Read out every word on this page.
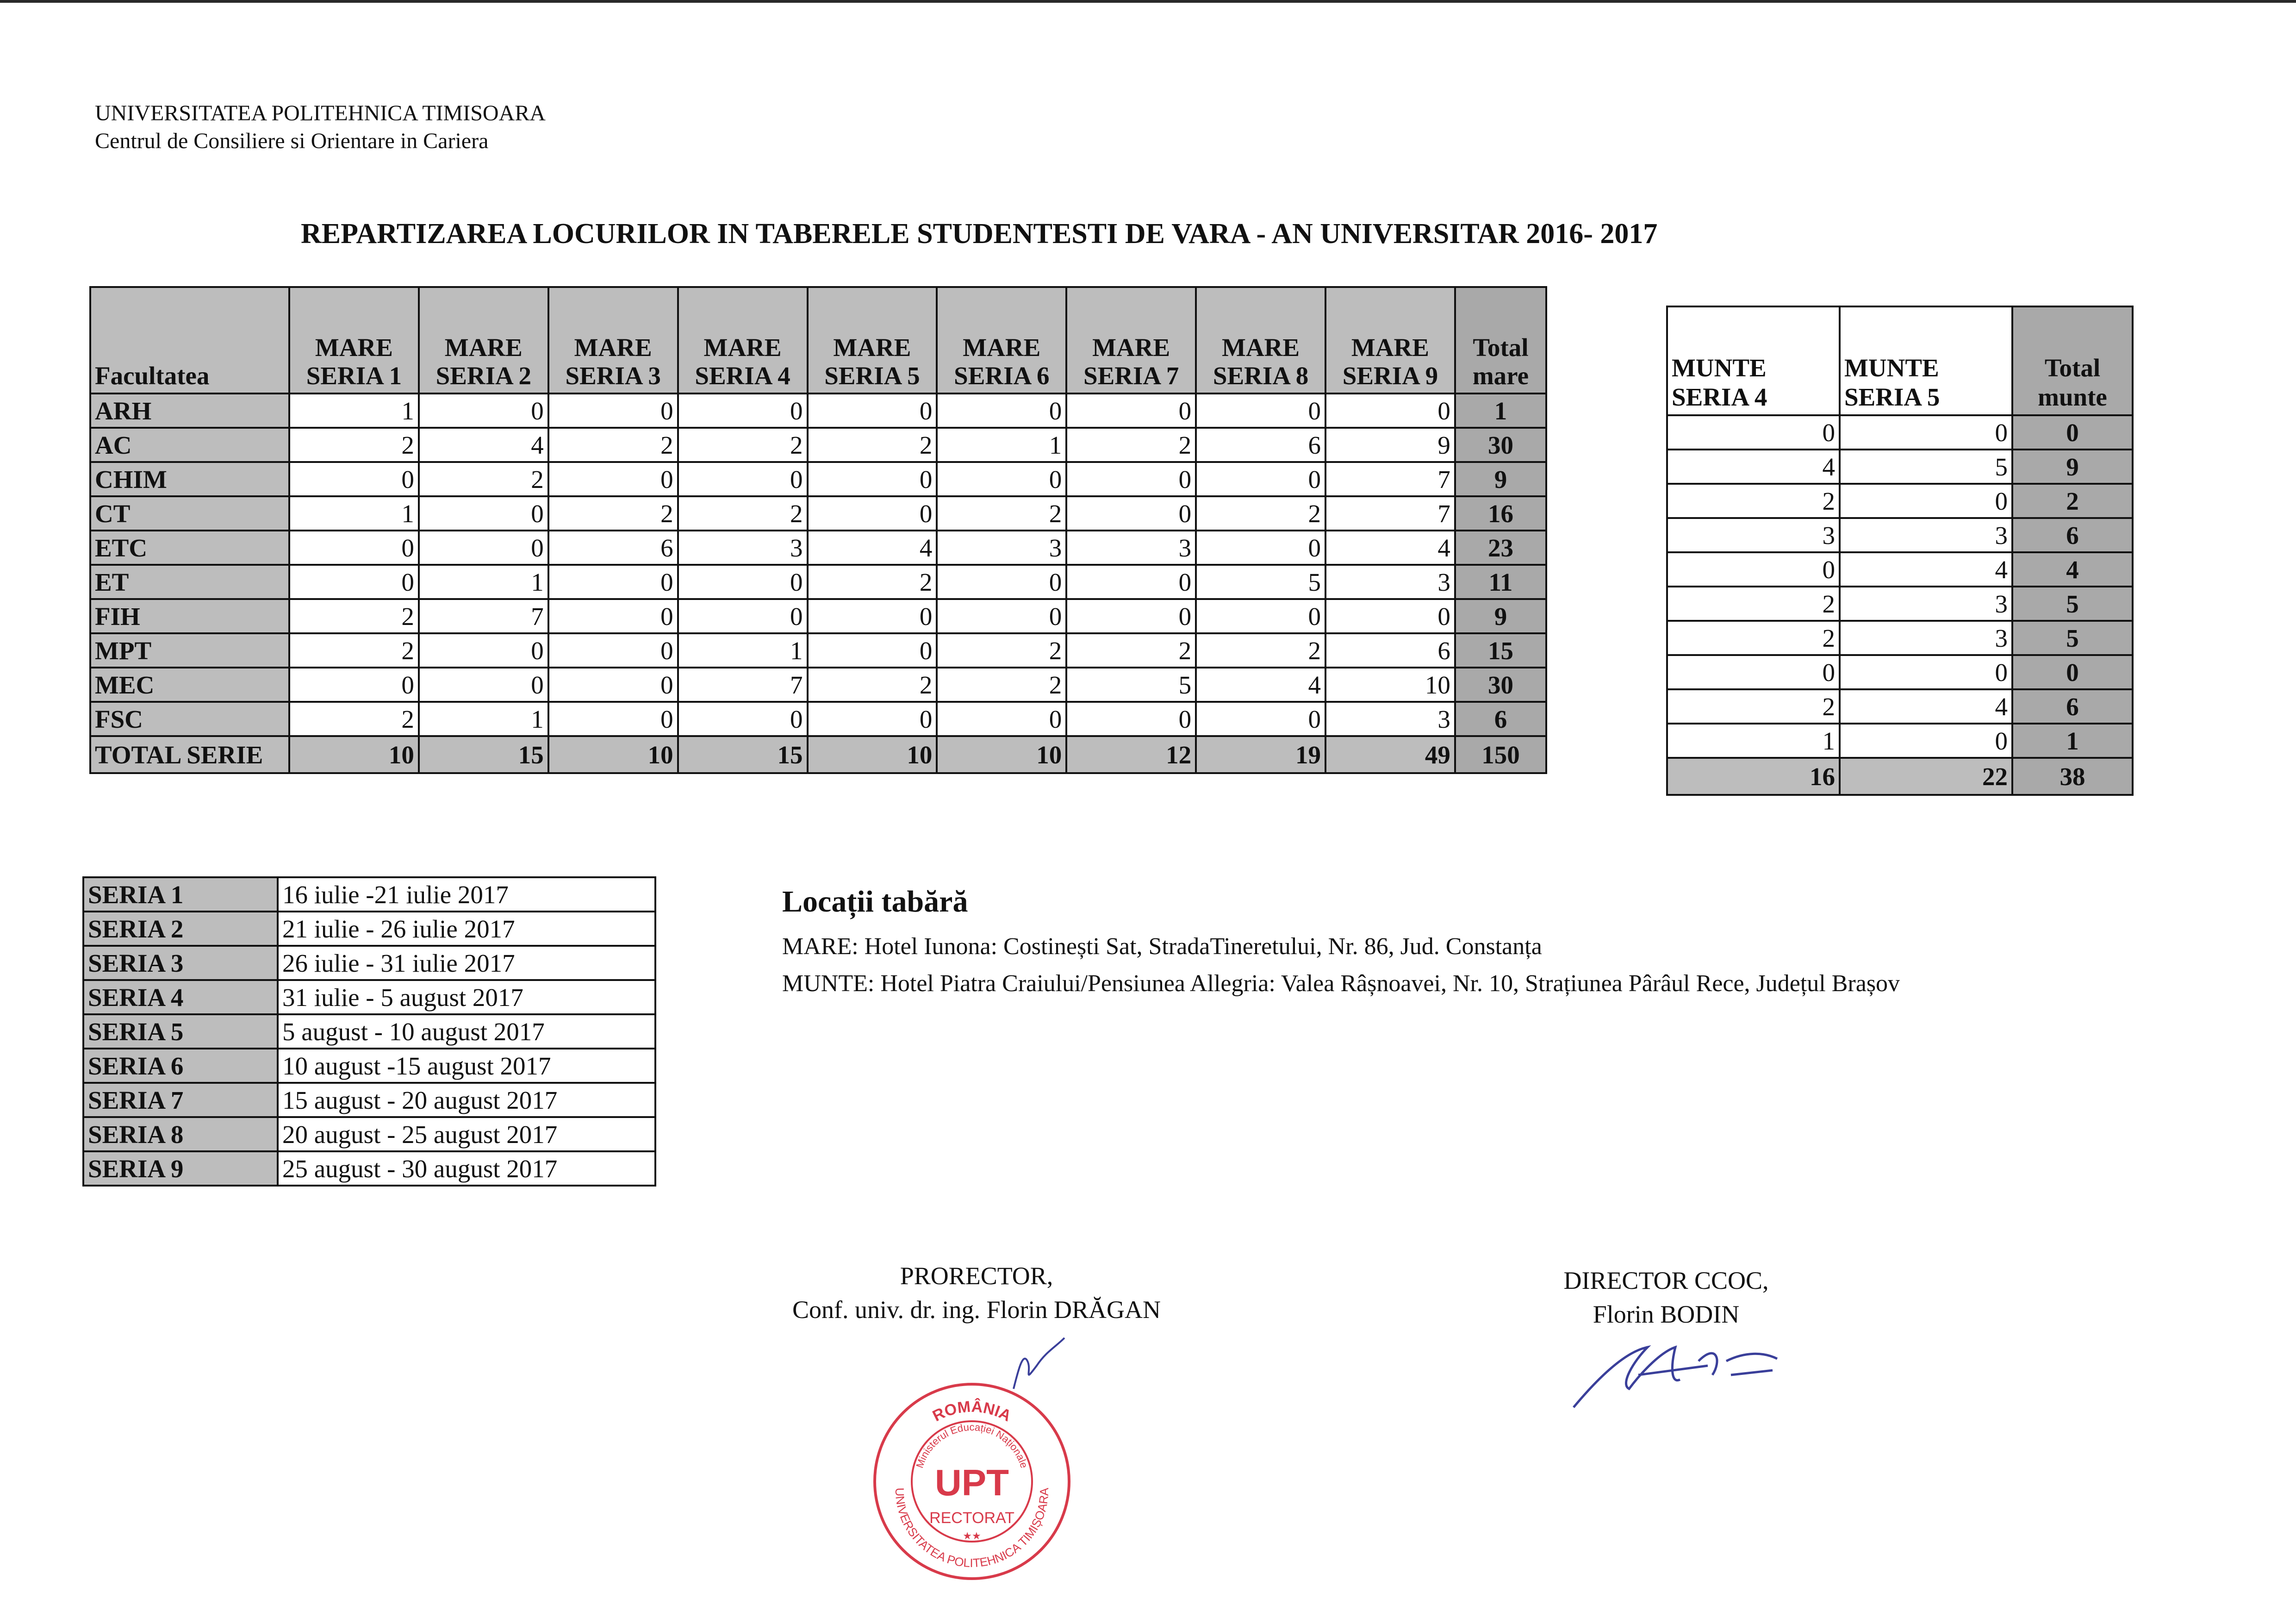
UNIVERSITATEA POLITEHNICA TIMISOARA
Centrul de Consiliere si Orientare in Cariera
REPARTIZAREA LOCURILOR IN TABERELE STUDENTESTI DE VARA - AN UNIVERSITAR 2016- 2017
Facultatea	MARE SERIA 1	MARE SERIA 2	MARE SERIA 3	MARE SERIA 4	MARE SERIA 5	MARE SERIA 6	MARE SERIA 7	MARE SERIA 8	MARE SERIA 9	Total mare
ARH	1	0	0	0	0	0	0	0	0	1
AC	2	4	2	2	2	1	2	6	9	30
CHIM	0	2	0	0	0	0	0	0	7	9
CT	1	0	2	2	0	2	0	2	7	16
ETC	0	0	6	3	4	3	3	0	4	23
ET	0	1	0	0	2	0	0	5	3	11
FIH	2	7	0	0	0	0	0	0	0	9
MPT	2	0	0	1	0	2	2	2	6	15
MEC	0	0	0	7	2	2	5	4	10	30
FSC	2	1	0	0	0	0	0	0	3	6
TOTAL SERIE	10	15	10	15	10	10	12	19	49	150
MUNTE SERIA 4	MUNTE SERIA 5	Total munte
0	0	0
4	5	9
2	0	2
3	3	6
0	4	4
2	3	5
2	3	5
0	0	0
2	4	6
1	0	1
16	22	38
SERIA 1	16 iulie -21 iulie 2017
SERIA 2	21 iulie - 26 iulie 2017
SERIA 3	26 iulie - 31 iulie 2017
SERIA 4	31 iulie - 5 august 2017
SERIA 5	5 august - 10 august 2017
SERIA 6	10 august -15 august 2017
SERIA 7	15 august - 20 august 2017
SERIA 8	20 august - 25 august 2017
SERIA 9	25 august - 30 august 2017
Locații tabără
MARE: Hotel Iunona: Costinești Sat, StradaTineretului, Nr. 86, Jud. Constanța
MUNTE: Hotel Piatra Craiului/Pensiunea Allegria: Valea Râșnoavei, Nr. 10, Strațiunea Pârâul Rece, Județul Brașov
PRORECTOR,
Conf. univ. dr. ing. Florin DRĂGAN
DIRECTOR CCOC,
Florin BODIN
ROMÂNIA
Ministerul Educației Naționale
UPT
RECTORAT
★★
UNIVERSITATEA POLITEHNICA TIMIȘOARA
